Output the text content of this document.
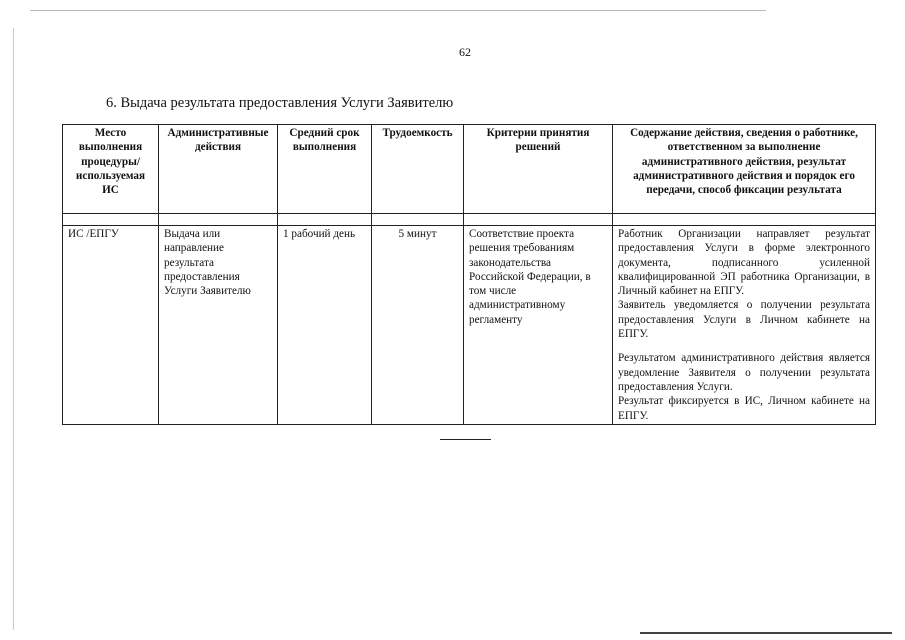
62
6. Выдача результата предоставления Услуги Заявителю
Место выполнения процедуры/используемая ИС	Административные действия	Средний срок выполнения	Трудоемкость	Критерии принятия решений	Содержание действия, сведения о работнике, ответственном за выполнение административного действия, результат административного действия и порядок его передачи, способ фиксации результата

ИС /ЕПГУ	Выдача или направление результата предоставления Услуги Заявителю	1 рабочий день	5 минут	Соответствие проекта решения требованиям законодательства Российской Федерации, в том числе административному регламенту	Работник Организации направляет результат предоставления Услуги в форме электронного документа, подписанного усиленной квалифицированной ЭП работника Организации, в Личный кабинет на ЕПГУ.
Заявитель уведомляется о получении результата предоставления Услуги в Личном кабинете на ЕПГУ.
Результатом административного действия является уведомление Заявителя о получении результата предоставления Услуги.
Результат фиксируется в ИС, Личном кабинете на ЕПГУ.
